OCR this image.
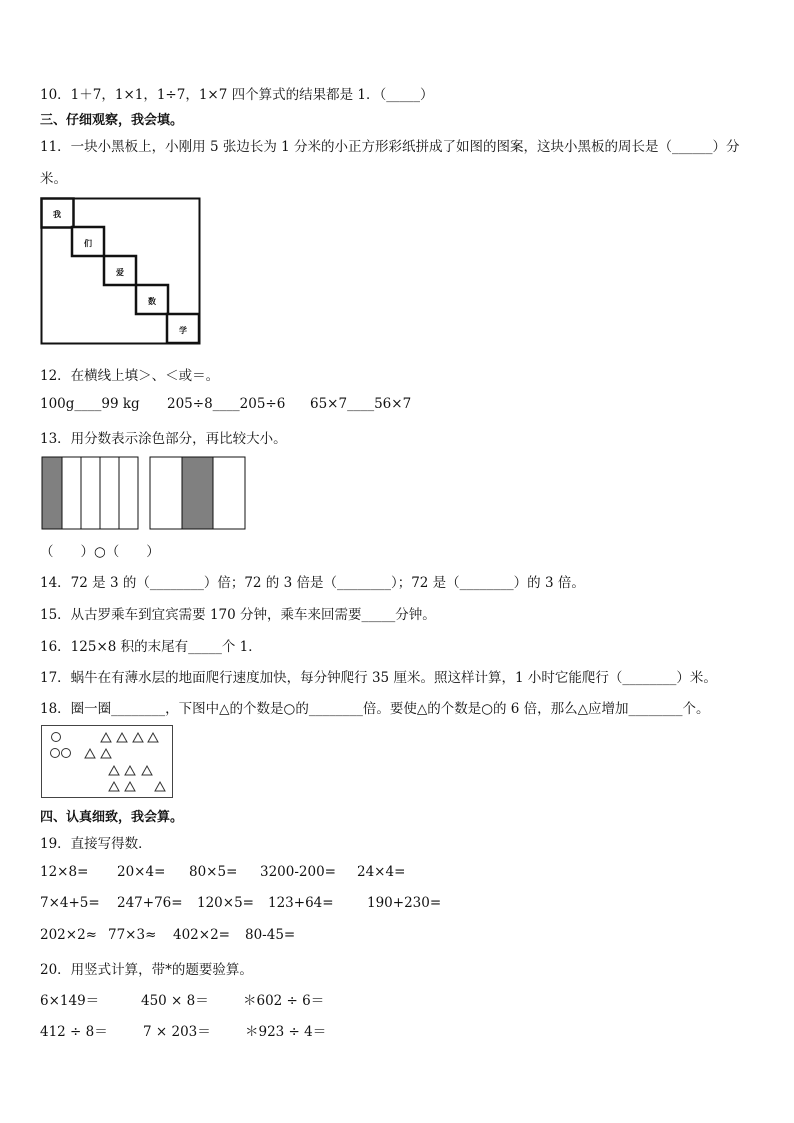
10．1＋7，1×1，1÷7，1×7 四个算式的结果都是 1．（_____）
三、仔细观察，我会填。
11．一块小黑板上，小刚用 5 张边长为 1 分米的小正方形彩纸拼成了如图的图案，这块小黑板的周长是（______）分
米。
我
们
爱
数
学
12．在横线上填＞、＜或＝。
100g____99 kg 205÷8____205÷6 65×7____56×7
13．用分数表示涂色部分，再比较大小。
（　　）○（　　）
14．72 是 3 的（________）倍；72 的 3 倍是（________）；72 是（________）的 3 倍。
15．从古罗乘车到宜宾需要 170 分钟，乘车来回需要_____分钟。
16．125×8 积的末尾有_____个 1．
17．蜗牛在有薄水层的地面爬行速度加快，每分钟爬行 35 厘米。照这样计算，1 小时它能爬行（________）米。
18．圈一圈________，下图中△的个数是○的________倍。要使△的个数是○的 6 倍，那么△应增加________个。
四、认真细致，我会算。
19．直接写得数．
12×8= 20×4= 80×5= 3200-200= 24×4=
7×4+5= 247+76= 120×5= 123+64= 190+230=
202×2≈ 77×3≈ 402×2= 80-45=
20．用竖式计算，带*的题要验算。
6×149＝	450 × 8＝	＊602 ÷ 6＝
412 ÷ 8＝	7 × 203＝	＊923 ÷ 4＝
